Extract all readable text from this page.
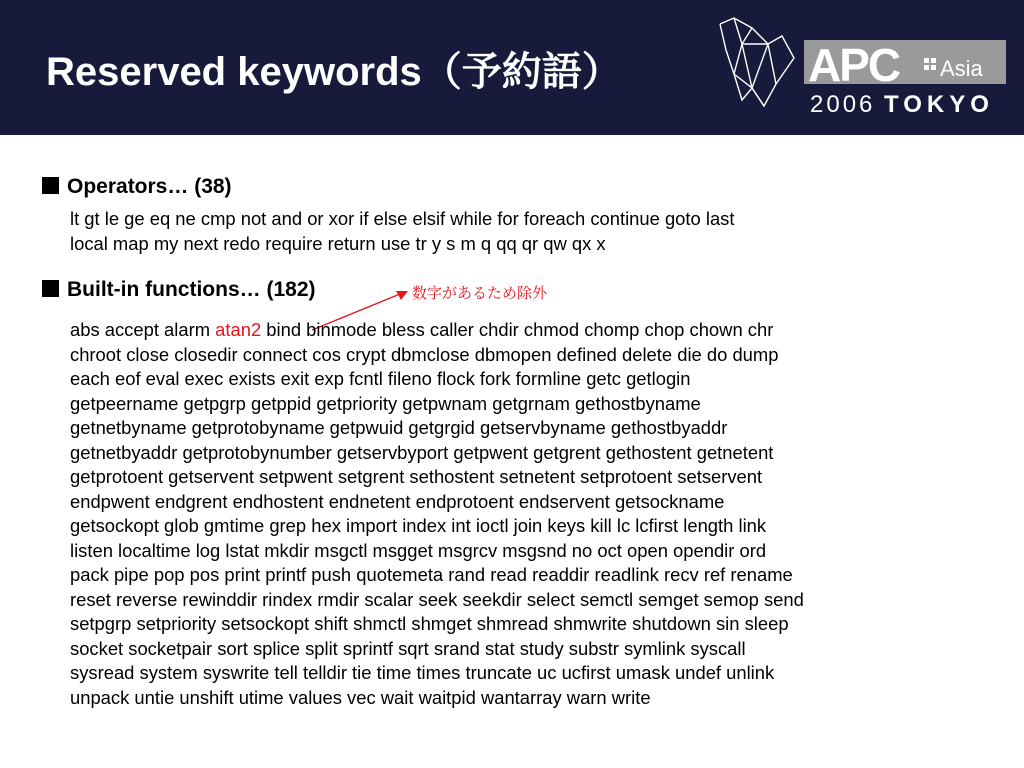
Reserved keywords（予約語）	APC Asia
2006 TOKYO

Operators… (38)

lt gt le ge eq ne cmp not and or xor if else elsif while for foreach continue goto last
local map my next redo require return use tr y s m q qq qr qw qx x

Built-in functions… (182)	数字があるため除外

abs accept alarm atan2 bind binmode bless caller chdir chmod chomp chop chown chr
chroot close closedir connect cos crypt dbmclose dbmopen defined delete die do dump
each eof eval exec exists exit exp fcntl fileno flock fork formline getc getlogin
getpeername getpgrp getppid getpriority getpwnam getgrnam gethostbyname
getnetbyname getprotobyname getpwuid getgrgid getservbyname gethostbyaddr
getnetbyaddr getprotobynumber getservbyport getpwent getgrent gethostent getnetent
getprotoent getservent setpwent setgrent sethostent setnetent setprotoent setservent
endpwent endgrent endhostent endnetent endprotoent endservent getsockname
getsockopt glob gmtime grep hex import index int ioctl join keys kill lc lcfirst length link
listen localtime log lstat mkdir msgctl msgget msgrcv msgsnd no oct open opendir ord
pack pipe pop pos print printf push quotemeta rand read readdir readlink recv ref rename
reset reverse rewinddir rindex rmdir scalar seek seekdir select semctl semget semop send
setpgrp setpriority setsockopt shift shmctl shmget shmread shmwrite shutdown sin sleep
socket socketpair sort splice split sprintf sqrt srand stat study substr symlink syscall
sysread system syswrite tell telldir tie time times truncate uc ucfirst umask undef unlink
unpack untie unshift utime values vec wait waitpid wantarray warn write
